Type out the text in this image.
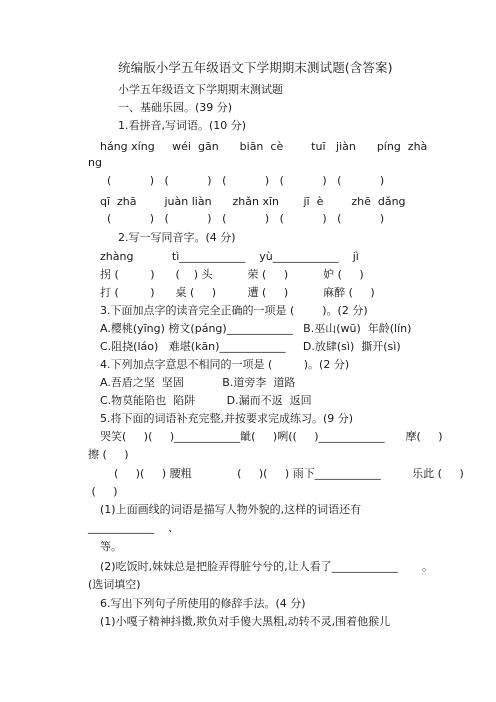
统编版小学五年级语文下学期期末测试题(含答案)
小学五年级语文下学期期末测试题
一、基础乐园。(39 分)
1.看拼音,写词语。(10 分)
háng xíng     wéi  gān      biān  cè        tuī   jiàn      píng  zhà
ng
(           )   (           )   (           )   (           )   (           )
qī  zhā        juàn liàn      zhǎn xīn       jī  è        zhē  dǎng
(           )   (           )   (           )   (           )   (           )
2.写一写同音字。(4 分)
zhàng           tì____________    yù____________    jì
拐 (         )      (    ) 头          荣 (     )          妒 (     )
打 (         )      桌 (     )         遭 (     )          麻醉 (     )
3.下面加点字的读音完全正确的一项是 (        )。(2 分)
A.樱桃(yīng) 榜文(páng)____________   B.巫山(wū)  年龄(lín)
C.阻挠(láo)   难堪(kān)____________     D.放肆(sì)  撕开(sì)
4.下列加点字意思不相同的一项是 (         )。(2 分)
A.吾盾之坚  坚固           B.道旁李  道路
C.物莫能陷也  陷阱         D.漏而不返  返回
5.将下面的词语补充完整,并按要求完成练习。(9 分)
哭笑(     )(     )____________龇(     )咧((     )____________      摩(     )
擦 (     )
(     )(     ) 腰粗             (     )(     ) 雨下____________         乐此 (     )
(     )
(1)上面画线的词语是描写人物外貌的,这样的词语还有
____________    、
等。
(2)吃饭时,妹妹总是把脸弄得脏兮兮的,让人看了____________       。
(选词填空)
6.写出下列句子所使用的修辞手法。(4 分)
(1)小嘎子精神抖擞,欺负对手傻大黑粗,动转不灵,围着他猴儿
